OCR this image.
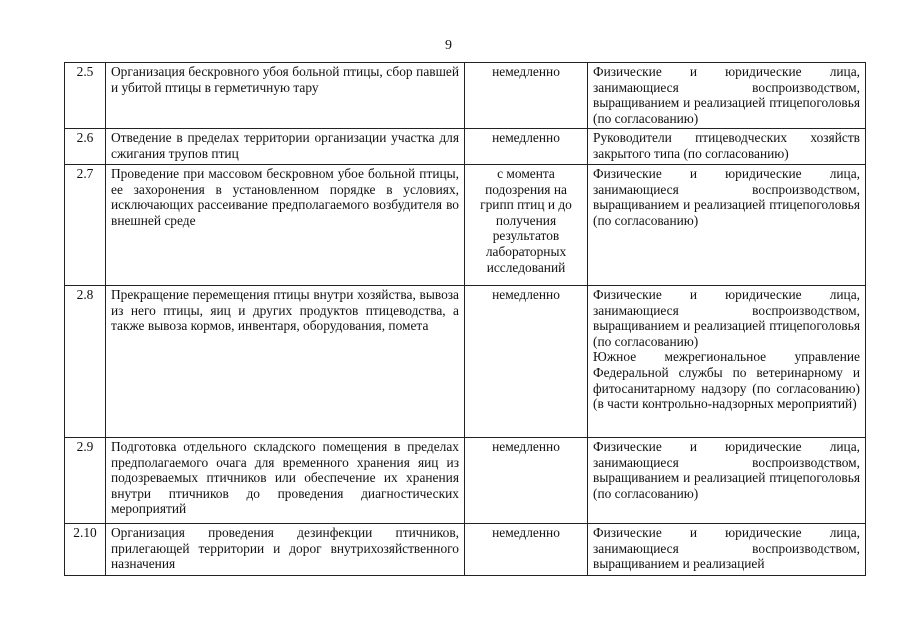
9
2.5	Организация бескровного убоя больной птицы, сбор павшей и убитой птицы в герметичную тару	немедленно	Физические и юридические лица, занимающиеся воспроизводством, выращиванием и реализацией птицепоголовья (по согласованию)

2.6	Отведение в пределах территории организации участка для сжигания трупов птиц	немедленно	Руководители птицеводческих хозяйств закрытого типа (по согласованию)

2.7	Проведение при массовом бескровном убое больной птицы, ее захоронения в установленном порядке в условиях, исключающих рассеивание предполагаемого возбудителя во внешней среде	с момента подозрения на грипп птиц и до получения результатов лабораторных исследований	Физические и юридические лица, занимающиеся воспроизводством, выращиванием и реализацией птицепоголовья (по согласованию)

2.8	Прекращение перемещения птицы внутри хозяйства, вывоза из него птицы, яиц и других продуктов птицеводства, а также вывоза кормов, инвентаря, оборудования, помета	немедленно	Физические и юридические лица, занимающиеся воспроизводством, выращиванием и реализацией птицепоголовья (по согласованию)
Южное межрегиональное управление Федеральной службы по ветеринарному и фитосанитарному надзору (по согласованию) (в части контрольно-надзорных мероприятий)

2.9	Подготовка отдельного складского помещения в пределах предполагаемого очага для временного хранения яиц из подозреваемых птичников или обеспечение их хранения внутри птичников до проведения диагностических мероприятий	немедленно	Физические и юридические лица, занимающиеся воспроизводством, выращиванием и реализацией птицепоголовья (по согласованию)

2.10	Организация проведения дезинфекции птичников, прилегающей территории и дорог внутрихозяйственного назначения	немедленно	Физические и юридические лица, занимающиеся воспроизводством, выращиванием и реализацией
